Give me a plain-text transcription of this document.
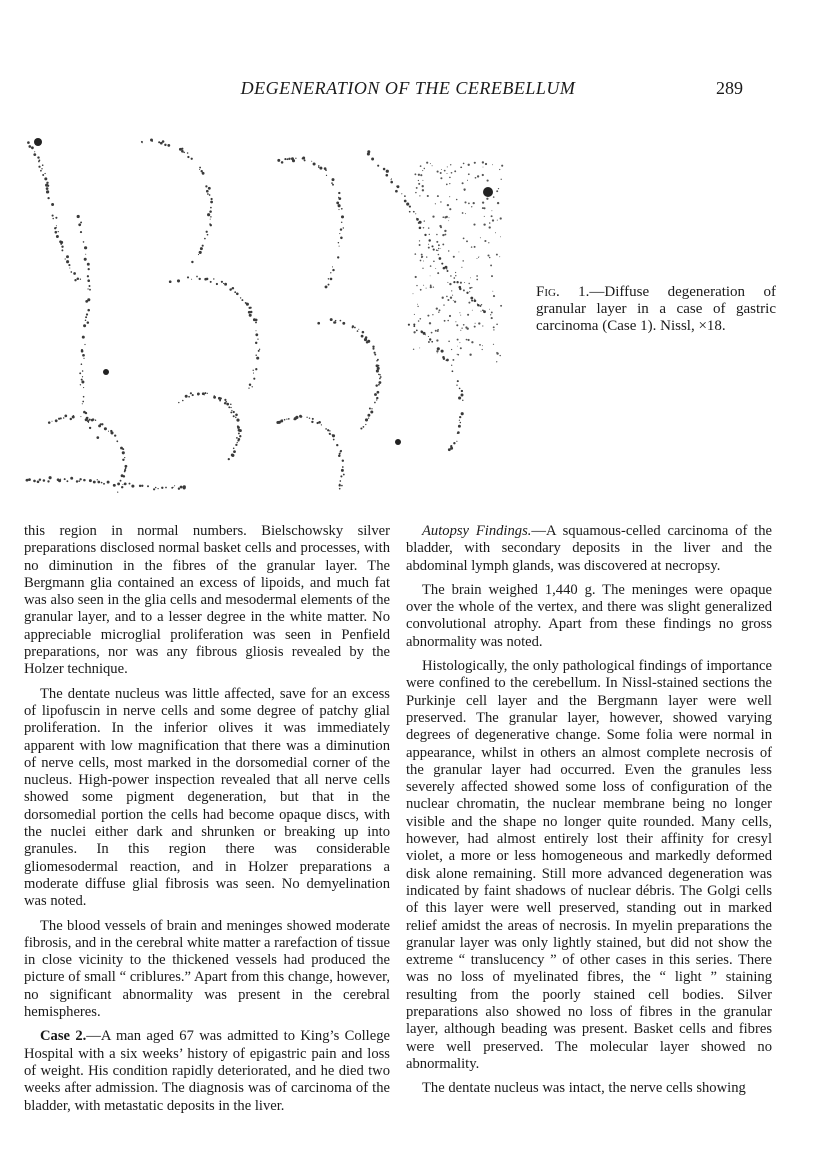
DEGENERATION OF THE CEREBELLUM	289
Fig. 1.—Diffuse degeneration of granular layer in a case of gastric carcinoma (Case 1). Nissl, ×18.

this region in normal numbers. Bielschowsky silver preparations disclosed normal basket cells and processes, with no diminution in the fibres of the granular layer. The Bergmann glia contained an excess of lipoids, and much fat was also seen in the glia cells and mesodermal elements of the granular layer, and to a lesser degree in the white matter. No appreciable microglial proliferation was seen in Penfield preparations, nor was any fibrous gliosis revealed by the Holzer technique.

The dentate nucleus was little affected, save for an excess of lipofuscin in nerve cells and some degree of patchy glial proliferation. In the inferior olives it was immediately apparent with low magnification that there was a diminution of nerve cells, most marked in the dorsomedial corner of the nucleus. High-power inspection revealed that all nerve cells showed some pigment degeneration, but that in the dorsomedial portion the cells had become opaque discs, with the nuclei either dark and shrunken or breaking up into granules. In this region there was considerable gliomesodermal reaction, and in Holzer preparations a moderate diffuse glial fibrosis was seen. No demyelination was noted.

The blood vessels of brain and meninges showed moderate fibrosis, and in the cerebral white matter a rarefaction of tissue in close vicinity to the thickened vessels had produced the picture of small “ criblures.” Apart from this change, however, no significant abnormality was present in the cerebral hemispheres.

Case 2.—A man aged 67 was admitted to King’s College Hospital with a six weeks’ history of epigastric pain and loss of weight. His condition rapidly deteriorated, and he died two weeks after admission. The diagnosis was of carcinoma of the bladder, with metastatic deposits in the liver.

Autopsy Findings.—A squamous-celled carcinoma of the bladder, with secondary deposits in the liver and the abdominal lymph glands, was discovered at necropsy.

The brain weighed 1,440 g. The meninges were opaque over the whole of the vertex, and there was slight generalized convolutional atrophy. Apart from these findings no gross abnormality was noted.

Histologically, the only pathological findings of importance were confined to the cerebellum. In Nissl-stained sections the Purkinje cell layer and the Bergmann layer were well preserved. The granular layer, however, showed varying degrees of degenerative change. Some folia were normal in appearance, whilst in others an almost complete necrosis of the granular layer had occurred. Even the granules less severely affected showed some loss of configuration of the nuclear chromatin, the nuclear membrane being no longer visible and the shape no longer quite rounded. Many cells, however, had almost entirely lost their affinity for cresyl violet, a more or less homogeneous and markedly deformed disk alone remaining. Still more advanced degeneration was indicated by faint shadows of nuclear débris. The Golgi cells of this layer were well preserved, standing out in marked relief amidst the areas of necrosis. In myelin preparations the granular layer was only lightly stained, but did not show the extreme “ translucency ” of other cases in this series. There was no loss of myelinated fibres, the “ light ” staining resulting from the poorly stained cell bodies. Silver preparations also showed no loss of fibres in the granular layer, although beading was present. Basket cells and fibres were well preserved. The molecular layer showed no abnormality.

The dentate nucleus was intact, the nerve cells showing
